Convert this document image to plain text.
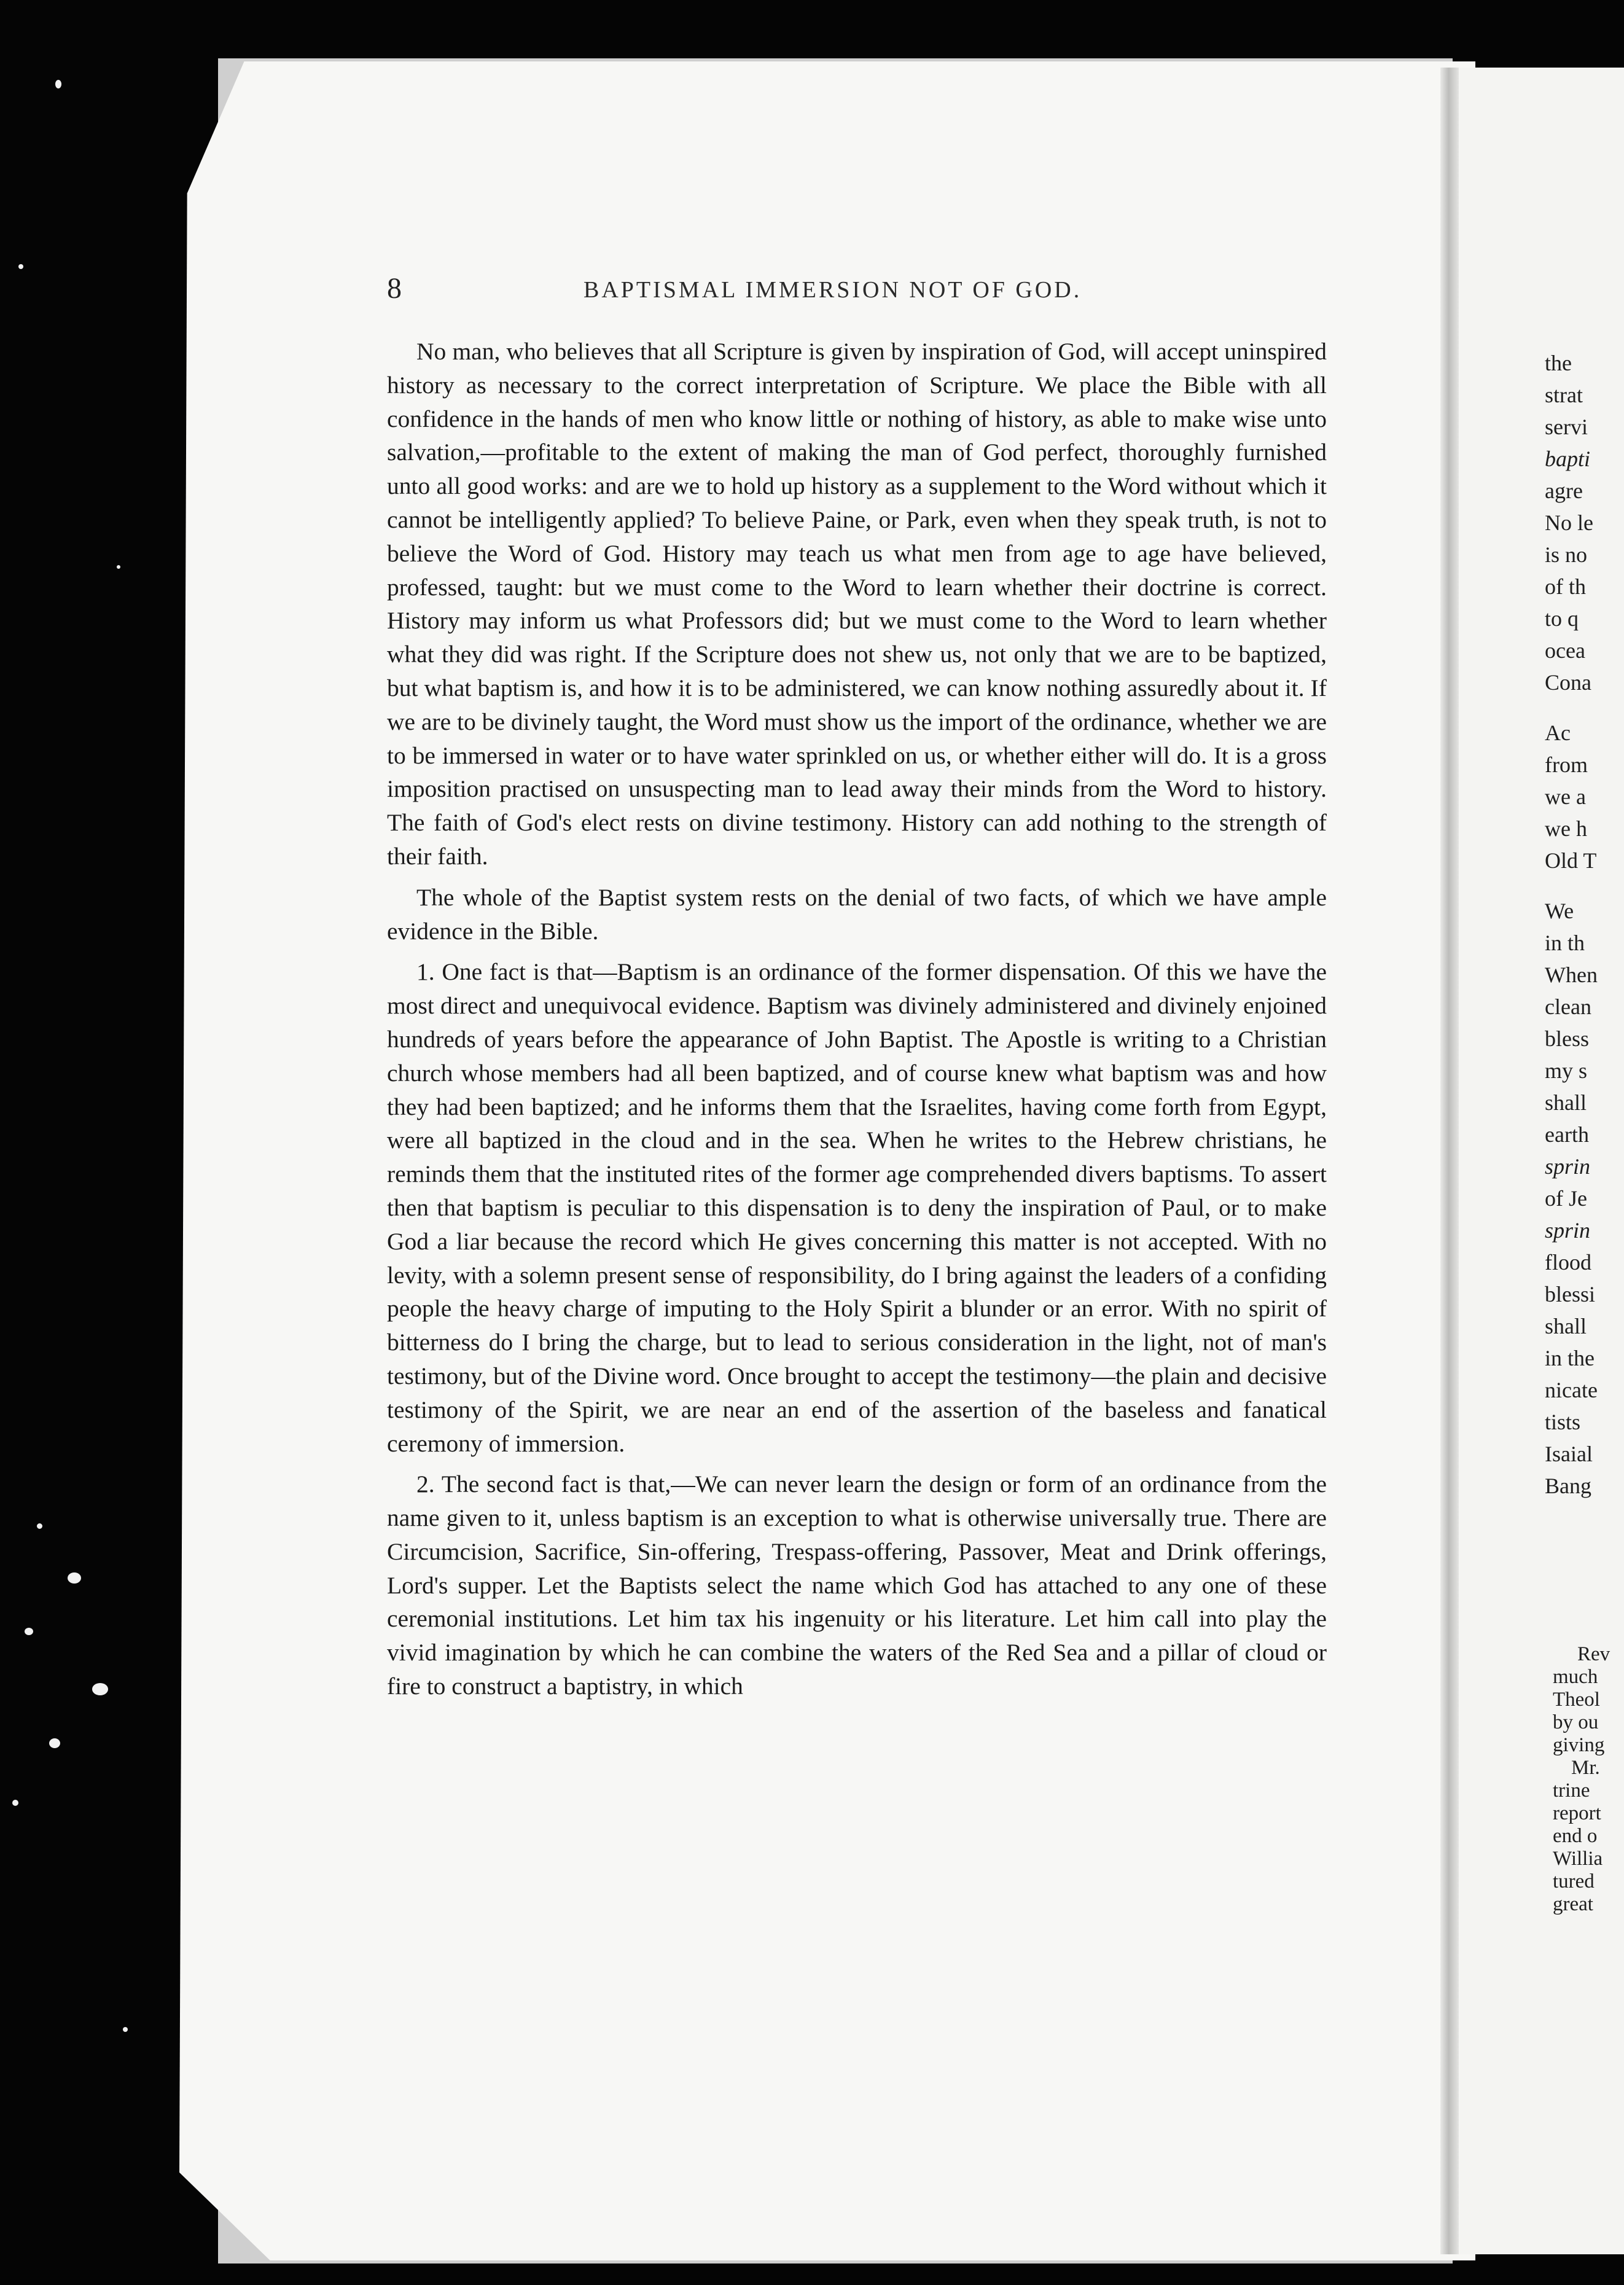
8	BAPTISMAL IMMERSION NOT OF GOD.

No man, who believes that all Scripture is given by inspiration of God, will accept uninspired history as necessary to the correct interpretation of Scripture. We place the Bible with all confidence in the hands of men who know little or nothing of history, as able to make wise unto salvation,—profitable to the extent of making the man of God perfect, thoroughly furnished unto all good works: and are we to hold up history as a supplement to the Word without which it cannot be intelligently applied? To believe Paine, or Park, even when they speak truth, is not to believe the Word of God. History may teach us what men from age to age have believed, professed, taught: but we must come to the Word to learn whether their doctrine is correct. History may inform us what Professors did; but we must come to the Word to learn whether what they did was right. If the Scripture does not shew us, not only that we are to be baptized, but what baptism is, and how it is to be administered, we can know nothing assuredly about it. If we are to be divinely taught, the Word must show us the import of the ordinance, whether we are to be immersed in water or to have water sprinkled on us, or whether either will do. It is a gross imposition practised on unsuspecting man to lead away their minds from the Word to history. The faith of God's elect rests on divine testimony. History can add nothing to the strength of their faith.

The whole of the Baptist system rests on the denial of two facts, of which we have ample evidence in the Bible.

1. One fact is that—Baptism is an ordinance of the former dispensation. Of this we have the most direct and unequivocal evidence. Baptism was divinely administered and divinely enjoined hundreds of years before the appearance of John Baptist. The Apostle is writing to a Christian church whose members had all been baptized, and of course knew what baptism was and how they had been baptized; and he informs them that the Israelites, having come forth from Egypt, were all baptized in the cloud and in the sea. When he writes to the Hebrew christians, he reminds them that the instituted rites of the former age comprehended divers baptisms. To assert then that baptism is peculiar to this dispensation is to deny the inspiration of Paul, or to make God a liar because the record which He gives concerning this matter is not accepted. With no levity, with a solemn present sense of responsibility, do I bring against the leaders of a confiding people the heavy charge of imputing to the Holy Spirit a blunder or an error. With no spirit of bitterness do I bring the charge, but to lead to serious consideration in the light, not of man's testimony, but of the Divine word. Once brought to accept the testimony—the plain and decisive testimony of the Spirit, we are near an end of the assertion of the baseless and fanatical ceremony of immersion.

2. The second fact is that,—We can never learn the design or form of an ordinance from the name given to it, unless baptism is an exception to what is otherwise universally true. There are Circumcision, Sacrifice, Sin-offering, Trespass-offering, Passover, Meat and Drink offerings, Lord's supper. Let the Baptists select the name which God has attached to any one of these ceremonial institutions. Let him tax his ingenuity or his literature. Let him call into play the vivid imagination by which he can combine the waters of the Red Sea and a pillar of cloud or fire to construct a baptistry, in which

the
strat
servi
bapti
agre
No le
is no
of th
to q
ocea
Cona
Ac
from
we a
we h
Old T
We
in th
When
clean
bless
my s
shall
earth
sprin
of Je
sprin
flood
blessi
shall
in the
nicate
tists
Isaial
Bang
Rev
much
Theol
by ou
giving
Mr.
trine
report
end o
Willia
tured
great
